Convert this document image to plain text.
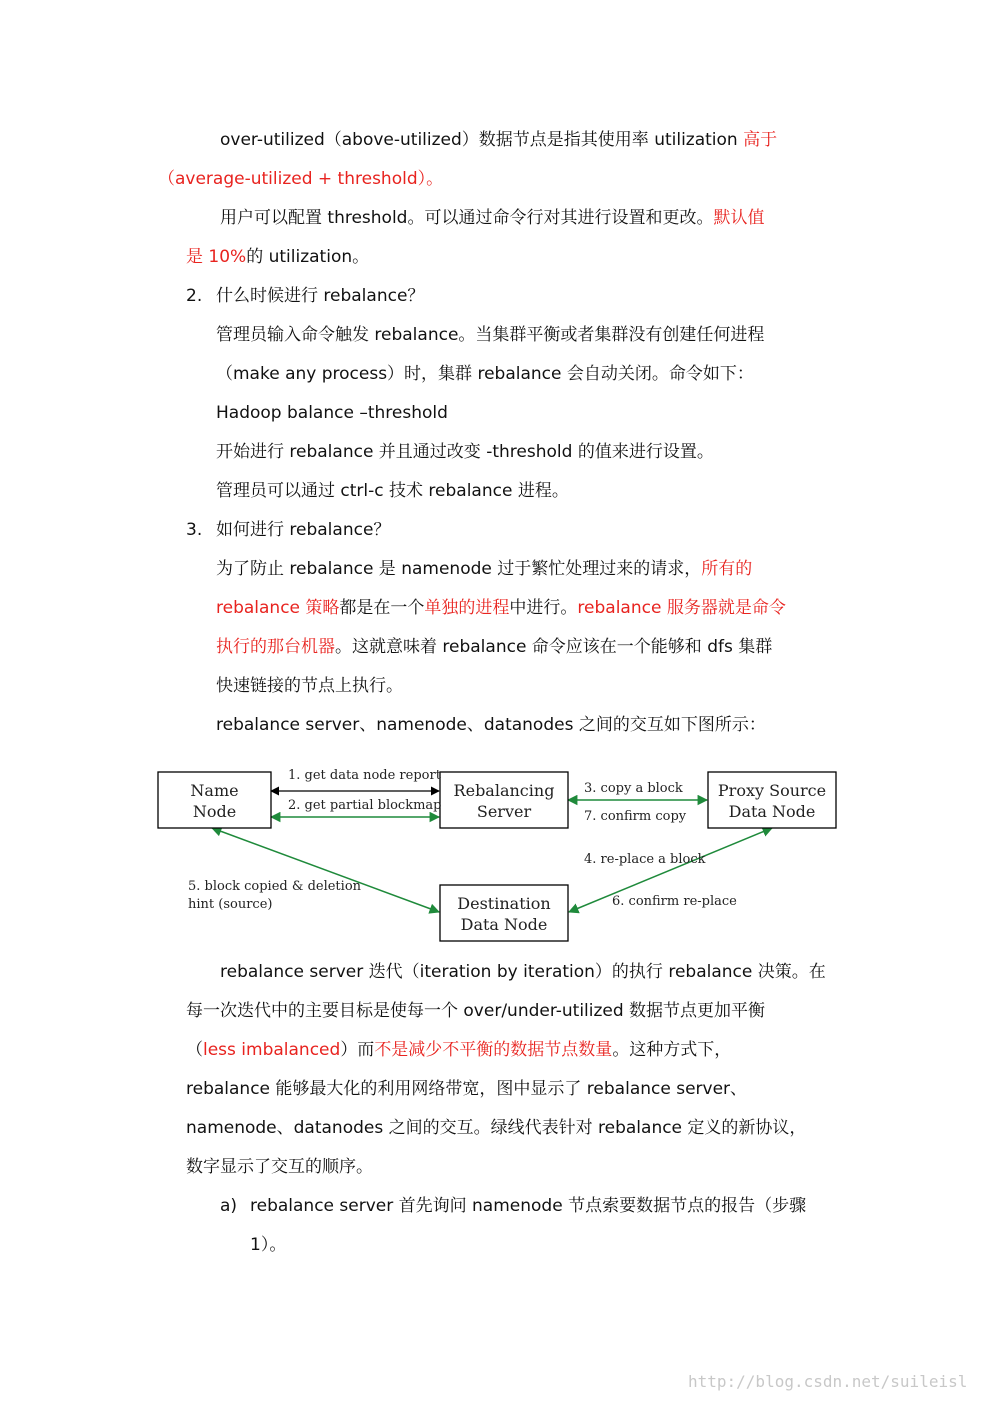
over-utilized（above-utilized）数据节点是指其使用率 utilization 高于
（average-utilized + threshold）。
用户可以配置 threshold。可以通过命令行对其进行设置和更改。默认值
是 10%的 utilization。
2. 什么时候进行 rebalance？
管理员输入命令触发 rebalance。当集群平衡或者集群没有创建任何进程
（make any process）时，集群 rebalance 会自动关闭。命令如下：
Hadoop balance –threshold
开始进行 rebalance 并且通过改变 -threshold 的值来进行设置。
管理员可以通过 ctrl-c 技术 rebalance 进程。
3. 如何进行 rebalance？
为了防止 rebalance 是 namenode 过于繁忙处理过来的请求，所有的
rebalance 策略都是在一个单独的进程中进行。rebalance 服务器就是命令
执行的那台机器。这就意味着 rebalance 命令应该在一个能够和 dfs 集群
快速链接的节点上执行。
rebalance server、namenode、datanodes 之间的交互如下图所示：
Name
Node
Rebalancing
Server
Proxy Source
Data Node
Destination
Data Node
1. get data node report
2. get partial blockmap
3. copy a block
7. confirm copy
4. re-place a block
5. block copied & deletion
hint (source)	6. confirm re-place
rebalance server 迭代（iteration by iteration）的执行 rebalance 决策。在
每一次迭代中的主要目标是使每一个 over/under-utilized 数据节点更加平衡
（less imbalanced）而不是减少不平衡的数据节点数量。这种方式下，
rebalance 能够最大化的利用网络带宽，图中显示了 rebalance server、
namenode、datanodes 之间的交互。绿线代表针对 rebalance 定义的新协议，
数字显示了交互的顺序。
a) rebalance server 首先询问 namenode 节点索要数据节点的报告（步骤
1）。
http://blog.csdn.net/suileisl
